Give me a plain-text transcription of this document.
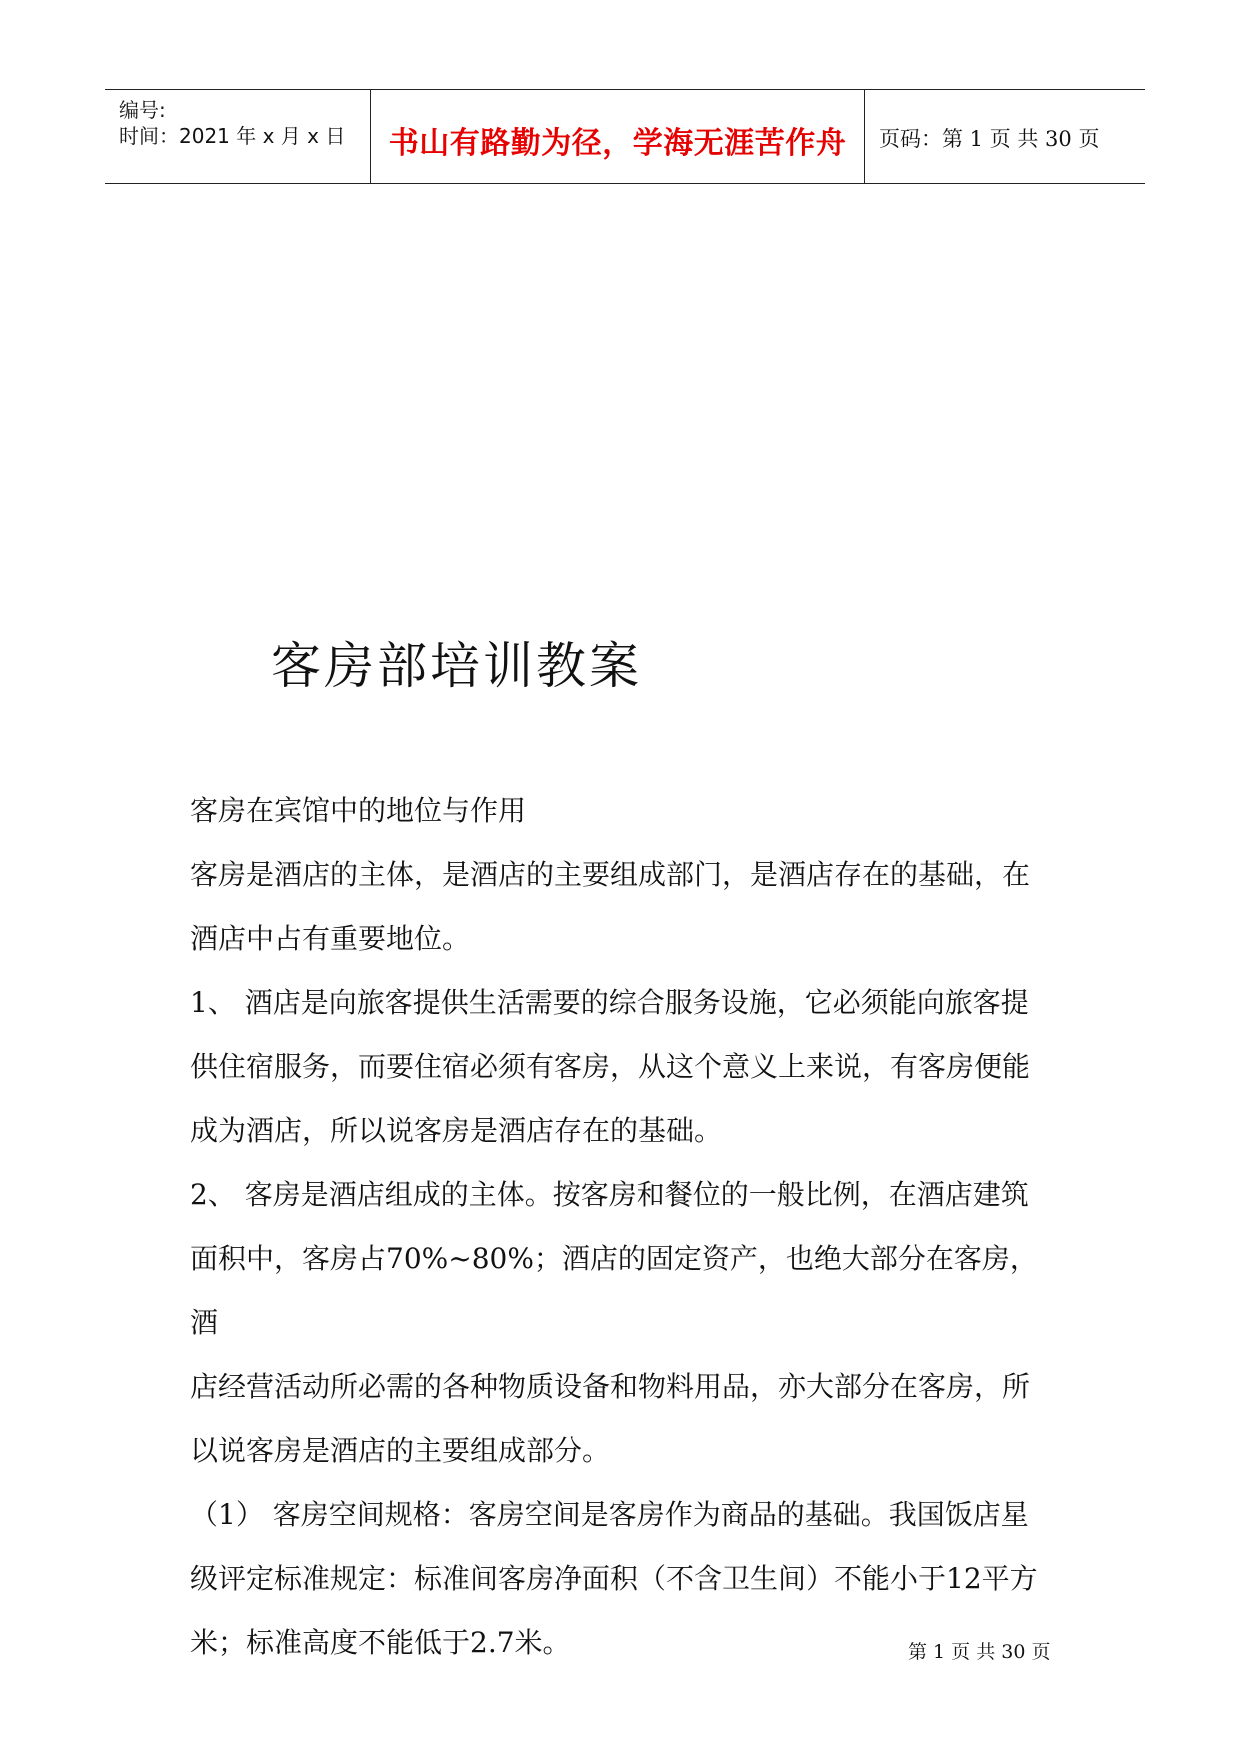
编号:
时间：2021 年 x 月 x 日	书山有路勤为径，学海无涯苦作舟	页码：第 1 页 共 30 页
客房部培训教案

客房在宾馆中的地位与作用

客房是酒店的主体，是酒店的主要组成部门，是酒店存在的基础，在

酒店中占有重要地位。

1、 酒店是向旅客提供生活需要的综合服务设施，它必须能向旅客提

供住宿服务，而要住宿必须有客房，从这个意义上来说，有客房便能

成为酒店，所以说客房是酒店存在的基础。

2、 客房是酒店组成的主体。按客房和餐位的一般比例，在酒店建筑

面积中，客房占70%~80%；酒店的固定资产，也绝大部分在客房，酒

店经营活动所必需的各种物质设备和物料用品，亦大部分在客房，所

以说客房是酒店的主要组成部分。

（1） 客房空间规格：客房空间是客房作为商品的基础。我国饭店星

级评定标准规定：标准间客房净面积（不含卫生间）不能小于12平方

米；标准高度不能低于2.7米。	第 1 页 共 30 页
